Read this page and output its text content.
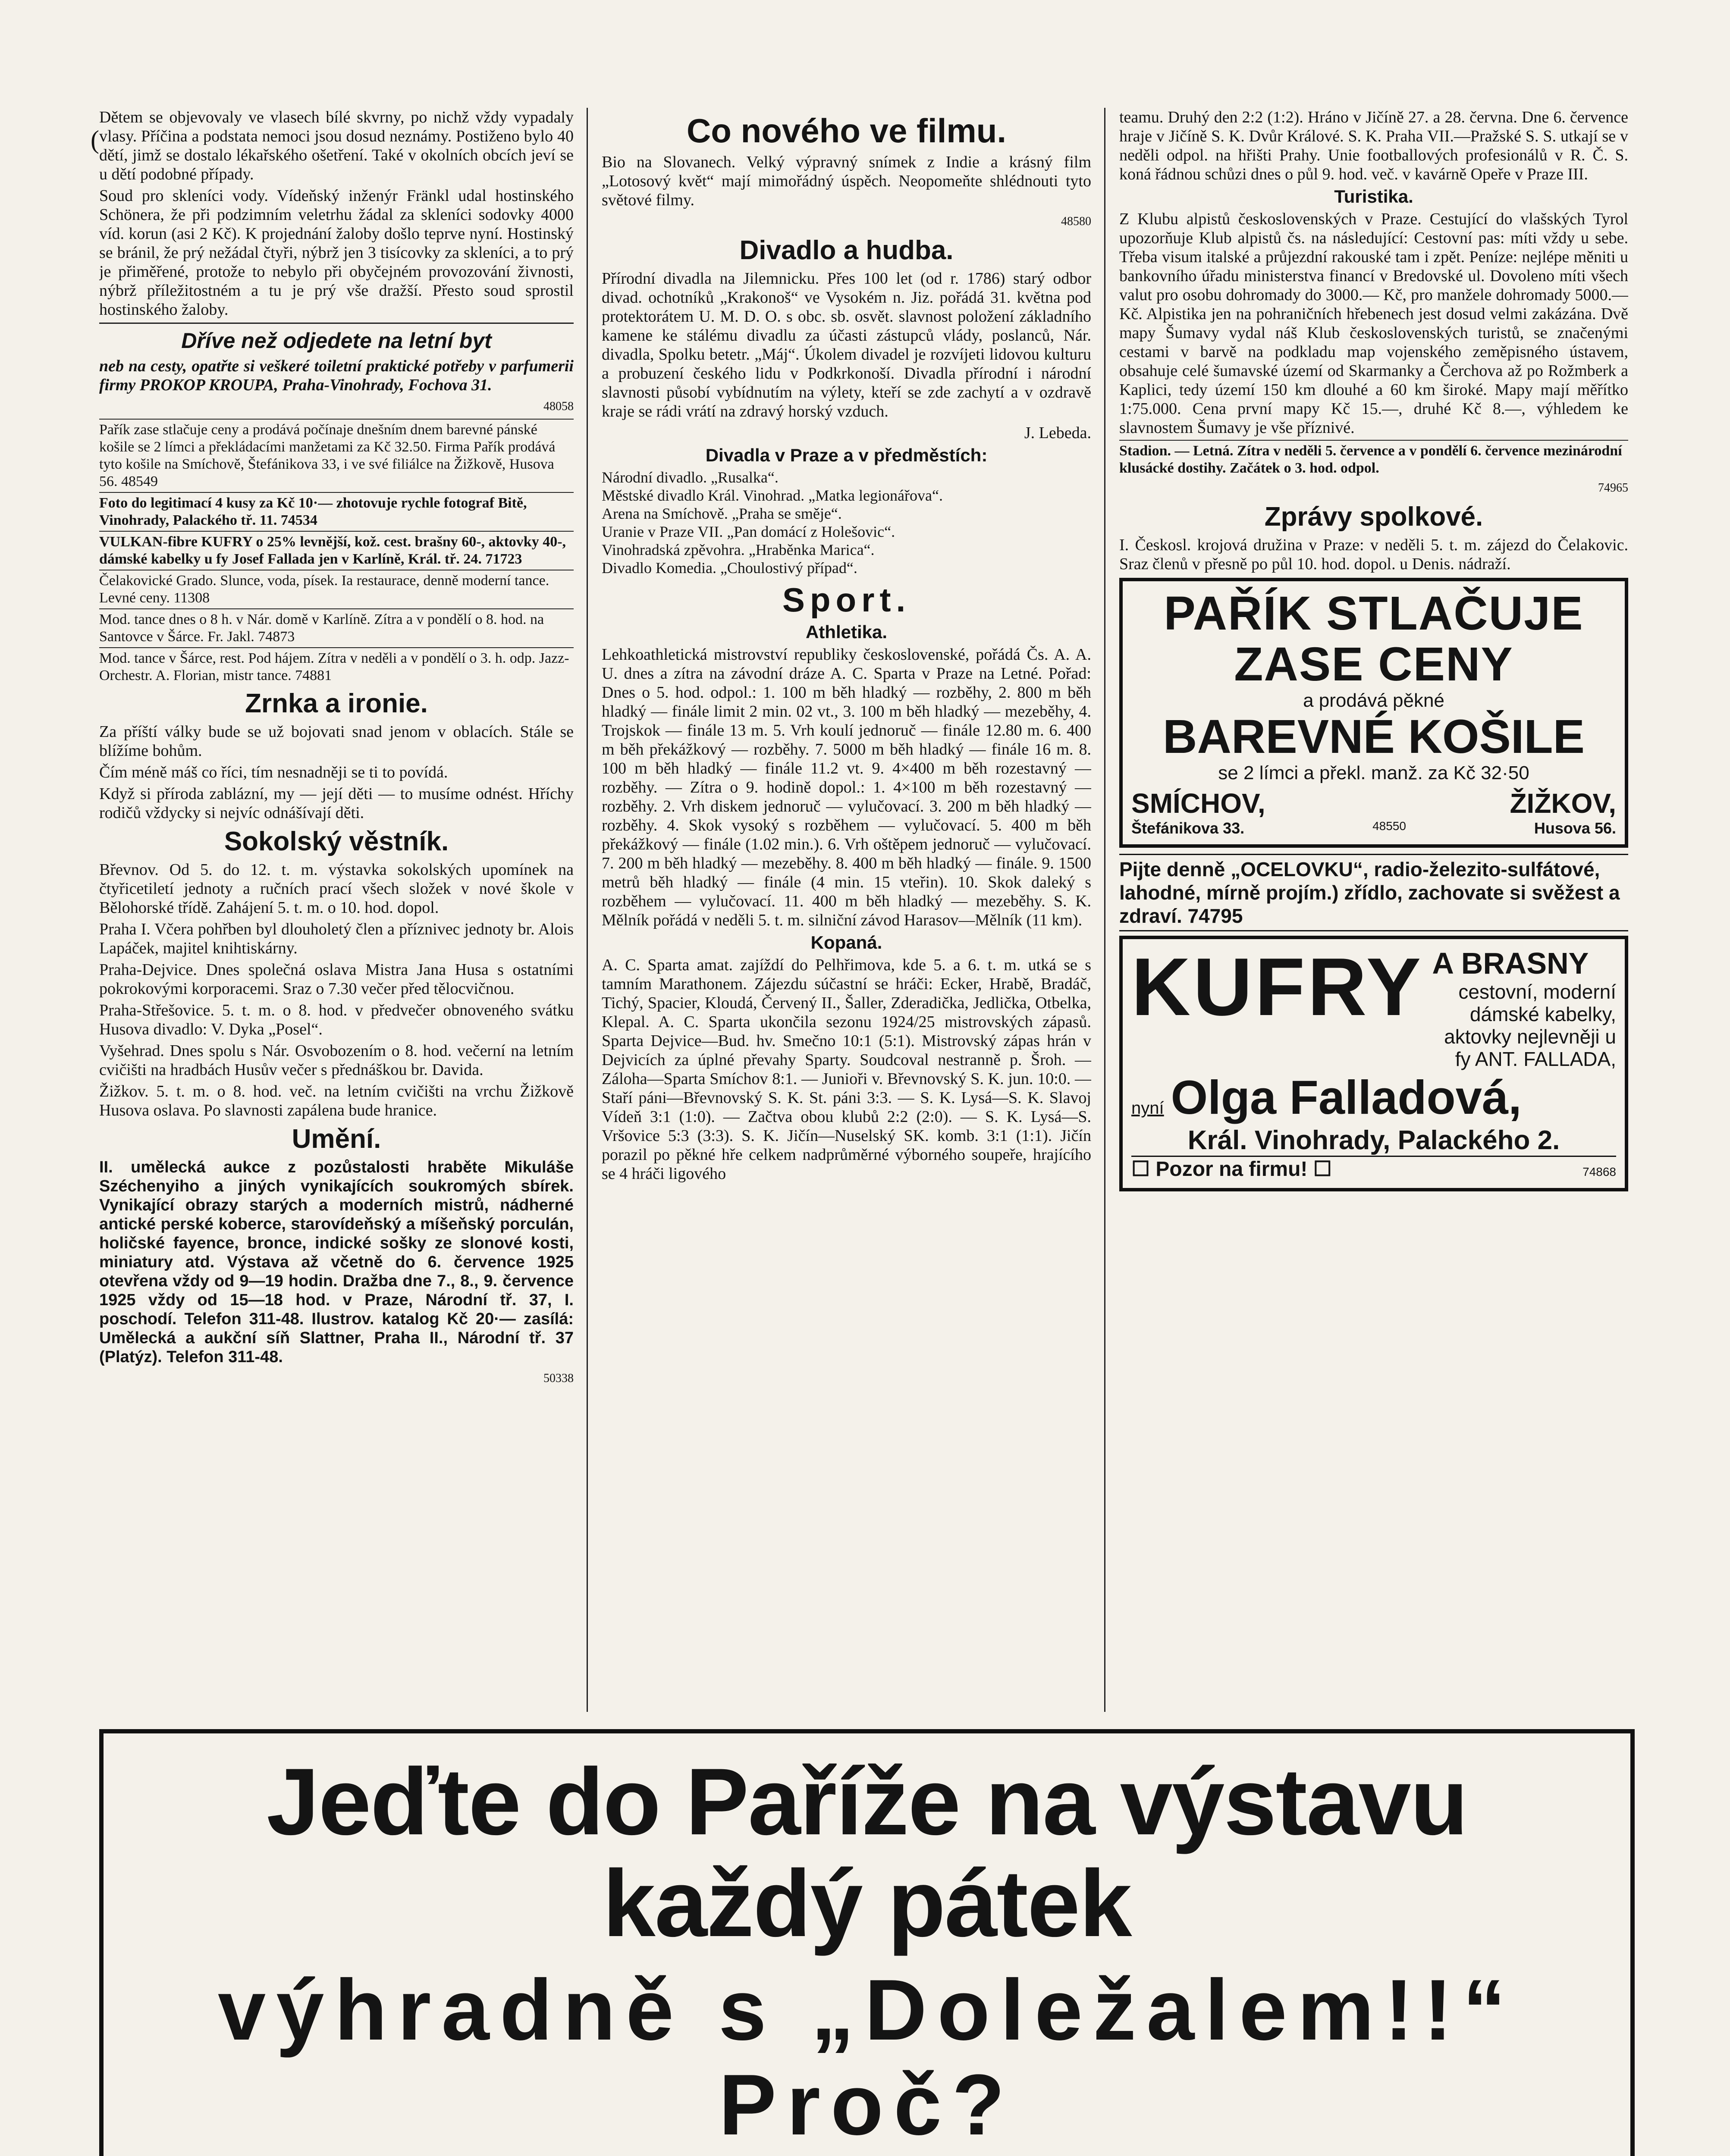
(

Dětem se objevovaly ve vlasech bílé skvrny, po nichž vždy vypadaly vlasy. Příčina a podstata nemoci jsou dosud neznámy. Postiženo bylo 40 dětí, jimž se dostalo lékařského ošetření. Také v okolních obcích jeví se u dětí podobné případy.

Soud pro skleníci vody. Vídeňský inženýr Fränkl udal hostinského Schönera, že při podzimním veletrhu žádal za skleníci sodovky 4000 víd. korun (asi 2 Kč). K projednání žaloby došlo teprve nyní. Hostinský se bránil, že prý nežádal čtyři, nýbrž jen 3 tisícovky za skleníci, a to prý je přiměřené, protože to nebylo při obyčejném provozování živnosti, nýbrž příležitostném a tu je prý vše dražší. Přesto soud sprostil hostinského žaloby.

Dříve než odjedete na letní byt

neb na cesty, opatřte si veškeré toiletní praktické potřeby v parfumerii firmy PROKOP KROUPA, Praha-Vinohrady, Fochova 31.

48058

Pařík zase stlačuje ceny a prodává počínaje dnešním dnem barevné pánské košile se 2 límci a překládacími manžetami za Kč 32.50. Firma Pařík prodává tyto košile na Smíchově, Štefánikova 33, i ve své filiálce na Žižkově, Husova 56. 48549
Foto do legitimací 4 kusy za Kč 10·— zhotovuje rychle fotograf Bitě, Vinohrady, Palackého tř. 11. 74534
VULKAN-fibre KUFRY o 25% levnější, kož. cest. brašny 60-, aktovky 40-, dámské kabelky u fy Josef Fallada jen v Karlíně, Král. tř. 24. 71723
Čelakovické Grado. Slunce, voda, písek. Ia restaurace, denně moderní tance. Levné ceny. 11308
Mod. tance dnes o 8 h. v Nár. domě v Karlíně. Zítra a v pondělí o 8. hod. na Santovce v Šárce. Fr. Jakl. 74873
Mod. tance v Šárce, rest. Pod hájem. Zítra v neděli a v pondělí o 3. h. odp. Jazz-Orchestr. A. Florian, mistr tance. 74881
Zrnka a ironie.

Za příští války bude se už bojovati snad jenom v oblacích. Stále se blížíme bohům.

Čím méně máš co říci, tím nesnadněji se ti to povídá.

Když si příroda zablázní, my — její děti — to musíme odnést. Hříchy rodičů vždycky si nejvíc odnášívají děti.

Sokolský věstník.

Břevnov. Od 5. do 12. t. m. výstavka sokolských upomínek na čtyřicetiletí jednoty a ručních prací všech složek v nové škole v Bělohorské třídě. Zahájení 5. t. m. o 10. hod. dopol.

Praha I. Včera pohřben byl dlouholetý člen a příznivec jednoty br. Alois Lapáček, majitel knihtiskárny.

Praha-Dejvice. Dnes společná oslava Mistra Jana Husa s ostatními pokrokovými korporacemi. Sraz o 7.30 večer před tělocvičnou.

Praha-Střešovice. 5. t. m. o 8. hod. v předvečer obnoveného svátku Husova divadlo: V. Dyka „Posel“.

Vyšehrad. Dnes spolu s Nár. Osvobozením o 8. hod. večerní na letním cvičišti na hradbách Husův večer s přednáškou br. Davida.

Žižkov. 5. t. m. o 8. hod. več. na letním cvičišti na vrchu Žižkově Husova oslava. Po slavnosti zapálena bude hranice.

Umění.

II. umělecká aukce z pozůstalosti hraběte Mikuláše Széchenyiho a jiných vynikajících soukromých sbírek. Vynikající obrazy starých a moderních mistrů, nádherné antické perské koberce, starovídeňský a míšeňský porculán, holičské fayence, bronce, indické sošky ze slonové kosti, miniatury atd. Výstava až včetně do 6. července 1925 otevřena vždy od 9—19 hodin. Dražba dne 7., 8., 9. července 1925 vždy od 15—18 hod. v Praze, Národní tř. 37, I. poschodí. Telefon 311-48. Ilustrov. katalog Kč 20·— zasílá: Umělecká a aukční síň Slattner, Praha II., Národní tř. 37 (Platýz). Telefon 311-48.

50338

Co nového ve filmu.

Bio na Slovanech. Velký výpravný snímek z Indie a krásný film „Lotosový květ“ mají mimořádný úspěch. Neopomeňte shlédnouti tyto světové filmy.

48580

Divadlo a hudba.

Přírodní divadla na Jilemnicku. Přes 100 let (od r. 1786) starý odbor divad. ochotníků „Krakonoš“ ve Vysokém n. Jiz. pořádá 31. května pod protektorátem U. M. D. O. s obc. sb. osvět. slavnost položení základního kamene ke stálému divadlu za účasti zástupců vlády, poslanců, Nár. divadla, Spolku betetr. „Máj“. Úkolem divadel je rozvíjeti lidovou kulturu a probuzení českého lidu v Podkrkonoší. Divadla přírodní i národní slavnosti působí vybídnutím na výlety, kteří se zde zachytí a v ozdravě kraje se rádi vrátí na zdravý horský vzduch.

J. Lebeda.

Divadla v Praze a v předměstích:

Národní divadlo. „Rusalka“.

Městské divadlo Král. Vinohrad. „Matka legionářova“.

Arena na Smíchově. „Praha se směje“.

Uranie v Praze VII. „Pan domácí z Holešovic“.

Vinohradská zpěvohra. „Hraběnka Marica“.

Divadlo Komedia. „Choulostivý případ“.

Sport.
Athletika.

Lehkoathletická mistrovství republiky československé, pořádá Čs. A. A. U. dnes a zítra na závodní dráze A. C. Sparta v Praze na Letné. Pořad: Dnes o 5. hod. odpol.: 1. 100 m běh hladký — rozběhy, 2. 800 m běh hladký — finále limit 2 min. 02 vt., 3. 100 m běh hladký — mezeběhy, 4. Trojskok — finále 13 m. 5. Vrh koulí jednoruč — finále 12.80 m. 6. 400 m běh překážkový — rozběhy. 7. 5000 m běh hladký — finále 16 m. 8. 100 m běh hladký — finále 11.2 vt. 9. 4×400 m běh rozestavný — rozběhy. — Zítra o 9. hodině dopol.: 1. 4×100 m běh rozestavný — rozběhy. 2. Vrh diskem jednoruč — vylučovací. 3. 200 m běh hladký — rozběhy. 4. Skok vysoký s rozběhem — vylučovací. 5. 400 m běh překážkový — finále (1.02 min.). 6. Vrh oštěpem jednoruč — vylučovací. 7. 200 m běh hladký — mezeběhy. 8. 400 m běh hladký — finále. 9. 1500 metrů běh hladký — finále (4 min. 15 vteřin). 10. Skok daleký s rozběhem — vylučovací. 11. 400 m běh hladký — mezeběhy. S. K. Mělník pořádá v neděli 5. t. m. silniční závod Harasov—Mělník (11 km).

Kopaná.

A. C. Sparta amat. zajíždí do Pelhřimova, kde 5. a 6. t. m. utká se s tamním Marathonem. Zájezdu súčastní se hráči: Ecker, Hrabě, Bradáč, Tichý, Spacier, Kloudá, Červený II., Šaller, Zderadička, Jedlička, Otbelka, Klepal. A. C. Sparta ukončila sezonu 1924/25 mistrovských zápasů. Sparta Dejvice—Bud. hv. Smečno 10:1 (5:1). Mistrovský zápas hrán v Dejvicích za úplné převahy Sparty. Soudcoval nestranně p. Šroh. — Záloha—Sparta Smíchov 8:1. — Junioři v. Břevnovský S. K. jun. 10:0. — Staří páni—Břevnovský S. K. St. páni 3:3. — S. K. Lysá—S. K. Slavoj Vídeň 3:1 (1:0). — Začtva obou klubů 2:2 (2:0). — S. K. Lysá—S. Vršovice 5:3 (3:3). S. K. Jičín—Nuselský SK. komb. 3:1 (1:1). Jičín porazil po pěkné hře celkem nadprůměrné výborného soupeře, hrajícího se 4 hráči ligového

teamu. Druhý den 2:2 (1:2). Hráno v Jičíně 27. a 28. června. Dne 6. července hraje v Jičíně S. K. Dvůr Králové. S. K. Praha VII.—Pražské S. S. utkají se v neděli odpol. na hřišti Prahy. Unie footballových profesionálů v R. Č. S. koná řádnou schůzi dnes o půl 9. hod. več. v kavárně Opeře v Praze III.

Turistika.

Z Klubu alpistů československých v Praze. Cestující do vlašských Tyrol upozorňuje Klub alpistů čs. na následující: Cestovní pas: míti vždy u sebe. Třeba visum italské a průjezdní rakouské tam i zpět. Peníze: nejlépe měniti u bankovního úřadu ministerstva financí v Bredovské ul. Dovoleno míti všech valut pro osobu dohromady do 3000.— Kč, pro manžele dohromady 5000.— Kč. Alpistika jen na pohraničních hřebenech jest dosud velmi zakázána. Dvě mapy Šumavy vydal náš Klub československých turistů, se značenými cestami v barvě na podkladu map vojenského zeměpisného ústavem, obsahuje celé šumavské území od Skarmanky a Čerchova až po Rožmberk a Kaplici, tedy území 150 km dlouhé a 60 km široké. Mapy mají měřítko 1:75.000. Cena první mapy Kč 15.—, druhé Kč 8.—, výhledem ke slavnostem Šumavy je vše příznivé.

Stadion. — Letná. Zítra v neděli 5. července a v pondělí 6. července mezinárodní klusácké dostihy. Začátek o 3. hod. odpol.

74965

Zprávy spolkové.

I. Českosl. krojová družina v Praze: v neděli 5. t. m. zájezd do Čelakovic. Sraz členů v přesně po půl 10. hod. dopol. u Denis. nádraží.

PAŘÍK STLAČUJE
ZASE CENY
a prodává pěkné
BAREVNÉ KOŠILE
se 2 límci a překl. manž. za Kč 32·50
SMÍCHOV,	ŽIŽKOV,
Štefánikova 33.	48550	Husova 56.
Pijte denně „OCELOVKU“, radio-železito-sulfátové, lahodné, mírně projím.) zřídlo, zachovate si svěžest a zdraví. 74795
KUFRY A BRASNY
cestovní, moderní dámské kabelky, aktovky nejlevněji u fy ANT. FALLADA,
nyní Olga Falladová,
Král. Vinohrady, Palackého 2.
☐ Pozor na firmu! ☐	74868
Jeďte do Paříže na výstavu každý pátek
výhradně s „Doležalem!!“ Proč?
